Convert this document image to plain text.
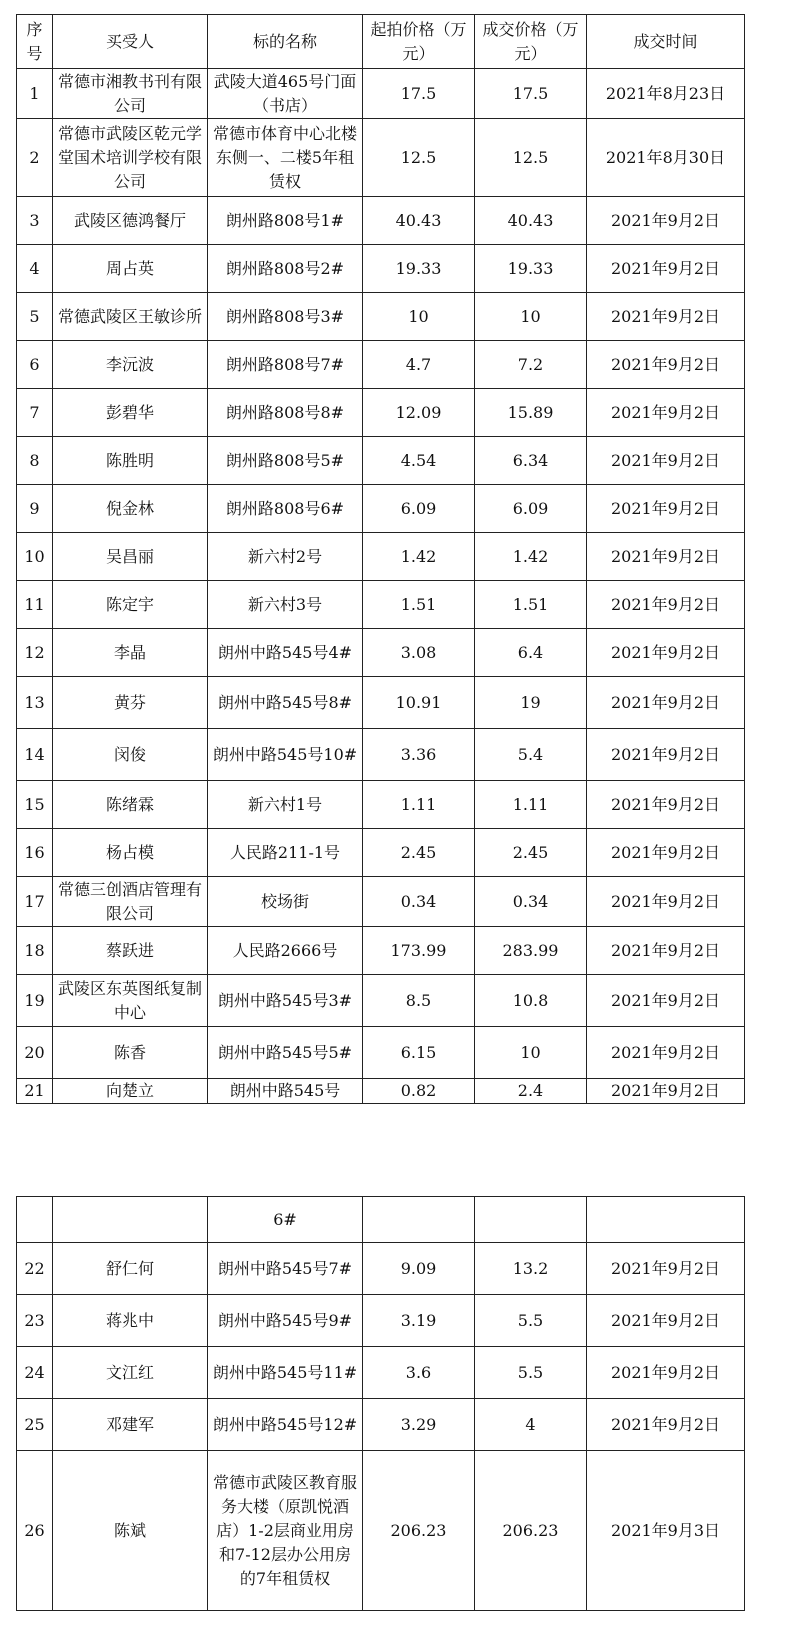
序号	买受人	标的名称	起拍价格（万元）	成交价格（万元）	成交时间
1	常德市湘教书刊有限公司	武陵大道465号门面（书店）	17.5	17.5	2021年8月23日
2	常德市武陵区乾元学堂国术培训学校有限公司	常德市体育中心北楼东侧一、二楼5年租赁权	12.5	12.5	2021年8月30日
3	武陵区德鸿餐厅	朗州路808号1#	40.43	40.43	2021年9月2日
4	周占英	朗州路808号2#	19.33	19.33	2021年9月2日
5	常德武陵区王敏诊所	朗州路808号3#	10	10	2021年9月2日
6	李沅波	朗州路808号7#	4.7	7.2	2021年9月2日
7	彭碧华	朗州路808号8#	12.09	15.89	2021年9月2日
8	陈胜明	朗州路808号5#	4.54	6.34	2021年9月2日
9	倪金林	朗州路808号6#	6.09	6.09	2021年9月2日
10	吴昌丽	新六村2号	1.42	1.42	2021年9月2日
11	陈定宇	新六村3号	1.51	1.51	2021年9月2日
12	李晶	朗州中路545号4#	3.08	6.4	2021年9月2日
13	黄芬	朗州中路545号8#	10.91	19	2021年9月2日
14	闵俊	朗州中路545号10#	3.36	5.4	2021年9月2日
15	陈绪霖	新六村1号	1.11	1.11	2021年9月2日
16	杨占模	人民路211-1号	2.45	2.45	2021年9月2日
17	常德三创酒店管理有限公司	校场街	0.34	0.34	2021年9月2日
18	蔡跃进	人民路2666号	173.99	283.99	2021年9月2日
19	武陵区东英图纸复制中心	朗州中路545号3#	8.5	10.8	2021年9月2日
20	陈香	朗州中路545号5#	6.15	10	2021年9月2日
21	向楚立	朗州中路545号	0.82	2.4	2021年9月2日
		6#			
22	舒仁何	朗州中路545号7#	9.09	13.2	2021年9月2日
23	蒋兆中	朗州中路545号9#	3.19	5.5	2021年9月2日
24	文江红	朗州中路545号11#	3.6	5.5	2021年9月2日
25	邓建军	朗州中路545号12#	3.29	4	2021年9月2日
26	陈斌	常德市武陵区教育服务大楼（原凯悦酒店）1-2层商业用房和7-12层办公用房的7年租赁权	206.23	206.23	2021年9月3日
